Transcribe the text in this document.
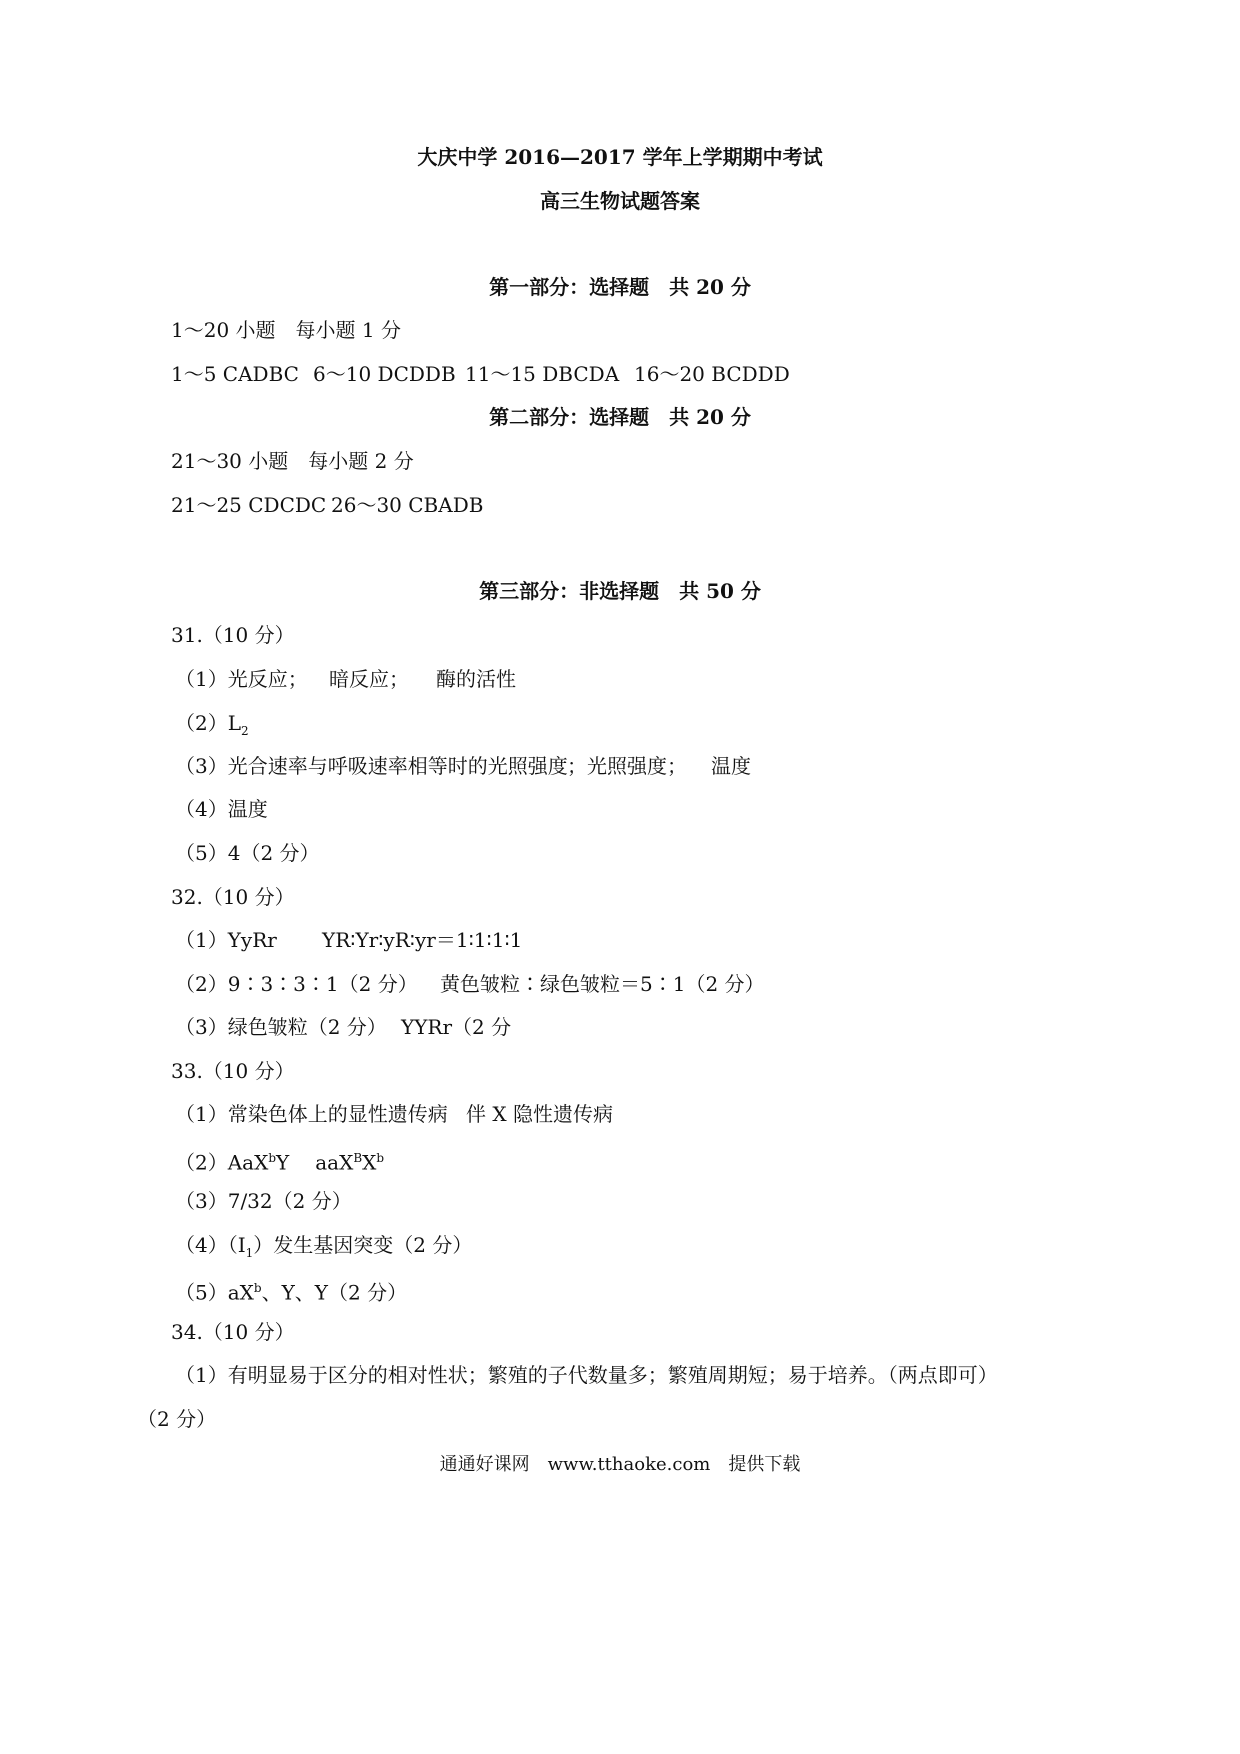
大庆中学 2016—2017 学年上学期期中考试
高三生物试题答案
第一部分：选择题　共 20 分
1～20 小题　每小题 1 分
1～5 CADBC 6～10 DCDDB 11～15 DBCDA 16～20 BCDDD
第二部分：选择题　共 20 分
21～30 小题　每小题 2 分
21～25 CDCDC 26～30 CBADB
第三部分：非选择题　共 50 分
31.（10 分）
（1）光反应； 暗反应； 酶的活性
$(2)L_2$
（3）光合速率与呼吸速率相等时的光照强度 ；光照强度； 温度
（4）温度
（5）4（2 分）
32.（10 分）
（1）YyRr YR∶Yr∶yR∶yr＝1∶1∶1∶1
（2）9∶3∶3∶1（2 分） 黄色皱粒∶绿色皱粒＝5∶1（2 分）
（3）绿色皱粒（2 分） YYRr（2 分
33.（10 分）
（1）常染色体上的显性遗传病 伴 X 隐性遗传病
（2）AaX$^b$Y $aaX^BX^b$
（3）7/32（2 分）
$(4)(Ⅰ_1)$发生基因突变（2 分）
$(5)aX^b$、Y、Y（2 分）
34.（10 分）
（1）有明显易于区分的相对性状；繁殖的子代数量多；繁殖周期短；易于培养。（两点即可）
（2 分）
通通好课网　www.tthaoke.com　提供下载
